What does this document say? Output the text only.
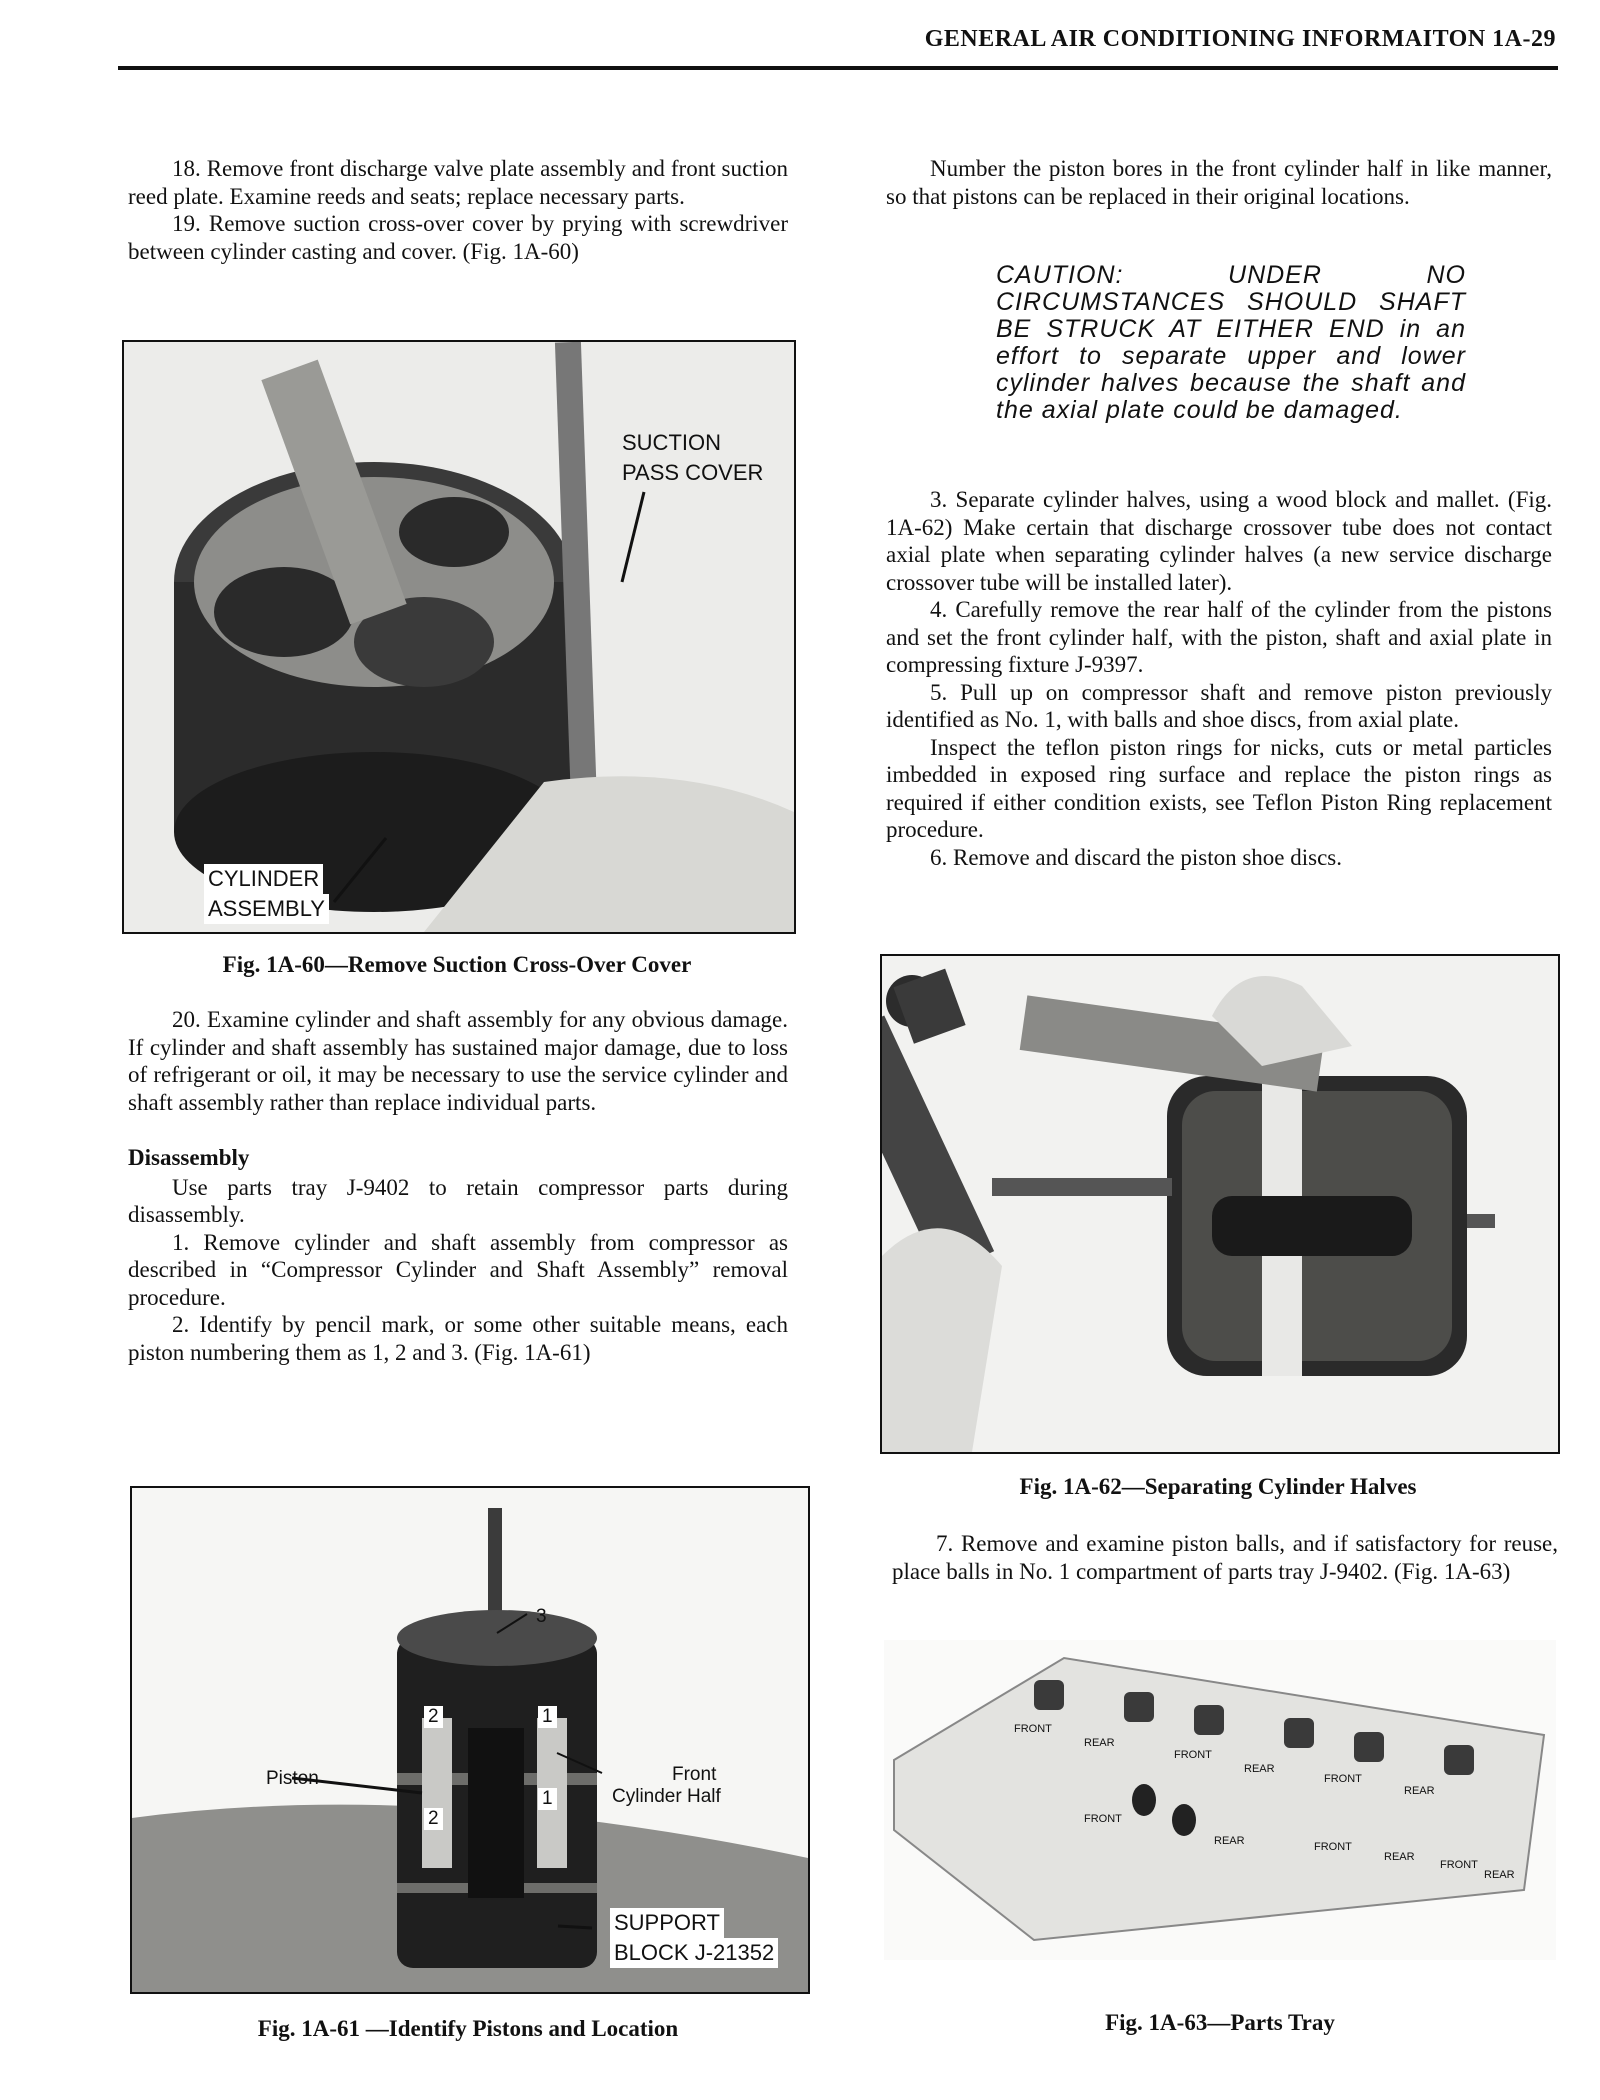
GENERAL AIR CONDITIONING INFORMAITON 1A-29

18. Remove front discharge valve plate assembly and front suction reed plate. Examine reeds and seats; replace necessary parts.

19. Remove suction cross-over cover by prying with screwdriver between cylinder casting and cover. (Fig. 1A-60)

SUCTION
PASS COVER
CYLINDER
ASSEMBLY
Fig. 1A-60—Remove Suction Cross-Over Cover

20. Examine cylinder and shaft assembly for any obvious damage. If cylinder and shaft assembly has sustained major damage, due to loss of refrigerant or oil, it may be necessary to use the service cylinder and shaft assembly rather than replace individual parts.

Disassembly

Use parts tray J-9402 to retain compressor parts during disassembly.

1. Remove cylinder and shaft assembly from compressor as described in “Compressor Cylinder and Shaft Assembly” removal procedure.

2. Identify by pencil mark, or some other suitable means, each piston numbering them as 1, 2 and 3. (Fig. 1A-61)

3
2	1
2
1
Piston	Front
Cylinder Half
SUPPORT
BLOCK J-21352
Fig. 1A-61 —Identify Pistons and Location

Number the piston bores in the front cylinder half in like manner, so that pistons can be replaced in their original locations.

CAUTION: UNDER NO CIRCUMSTANCES SHOULD SHAFT BE STRUCK AT EITHER END in an effort to separate upper and lower cylinder halves because the shaft and the axial plate could be damaged.

3. Separate cylinder halves, using a wood block and mallet. (Fig. 1A-62) Make certain that discharge crossover tube does not contact axial plate when separating cylinder halves (a new service discharge crossover tube will be installed later).

4. Carefully remove the rear half of the cylinder from the pistons and set the front cylinder half, with the piston, shaft and axial plate in compressing fixture J-9397.

5. Pull up on compressor shaft and remove piston previously identified as No. 1, with balls and shoe discs, from axial plate.

Inspect the teflon piston rings for nicks, cuts or metal particles imbedded in exposed ring surface and replace the piston rings as required if either condition exists, see Teflon Piston Ring replacement procedure.

6. Remove and discard the piston shoe discs.

Fig. 1A-62—Separating Cylinder Halves

7. Remove and examine piston balls, and if satisfactory for reuse, place balls in No. 1 compartment of parts tray J-9402. (Fig. 1A-63)

FRONT
REAR
FRONT
REAR
FRONT
REAR
FRONT
REAR	FRONT
REAR
FRONT
REAR
Fig. 1A-63—Parts Tray
